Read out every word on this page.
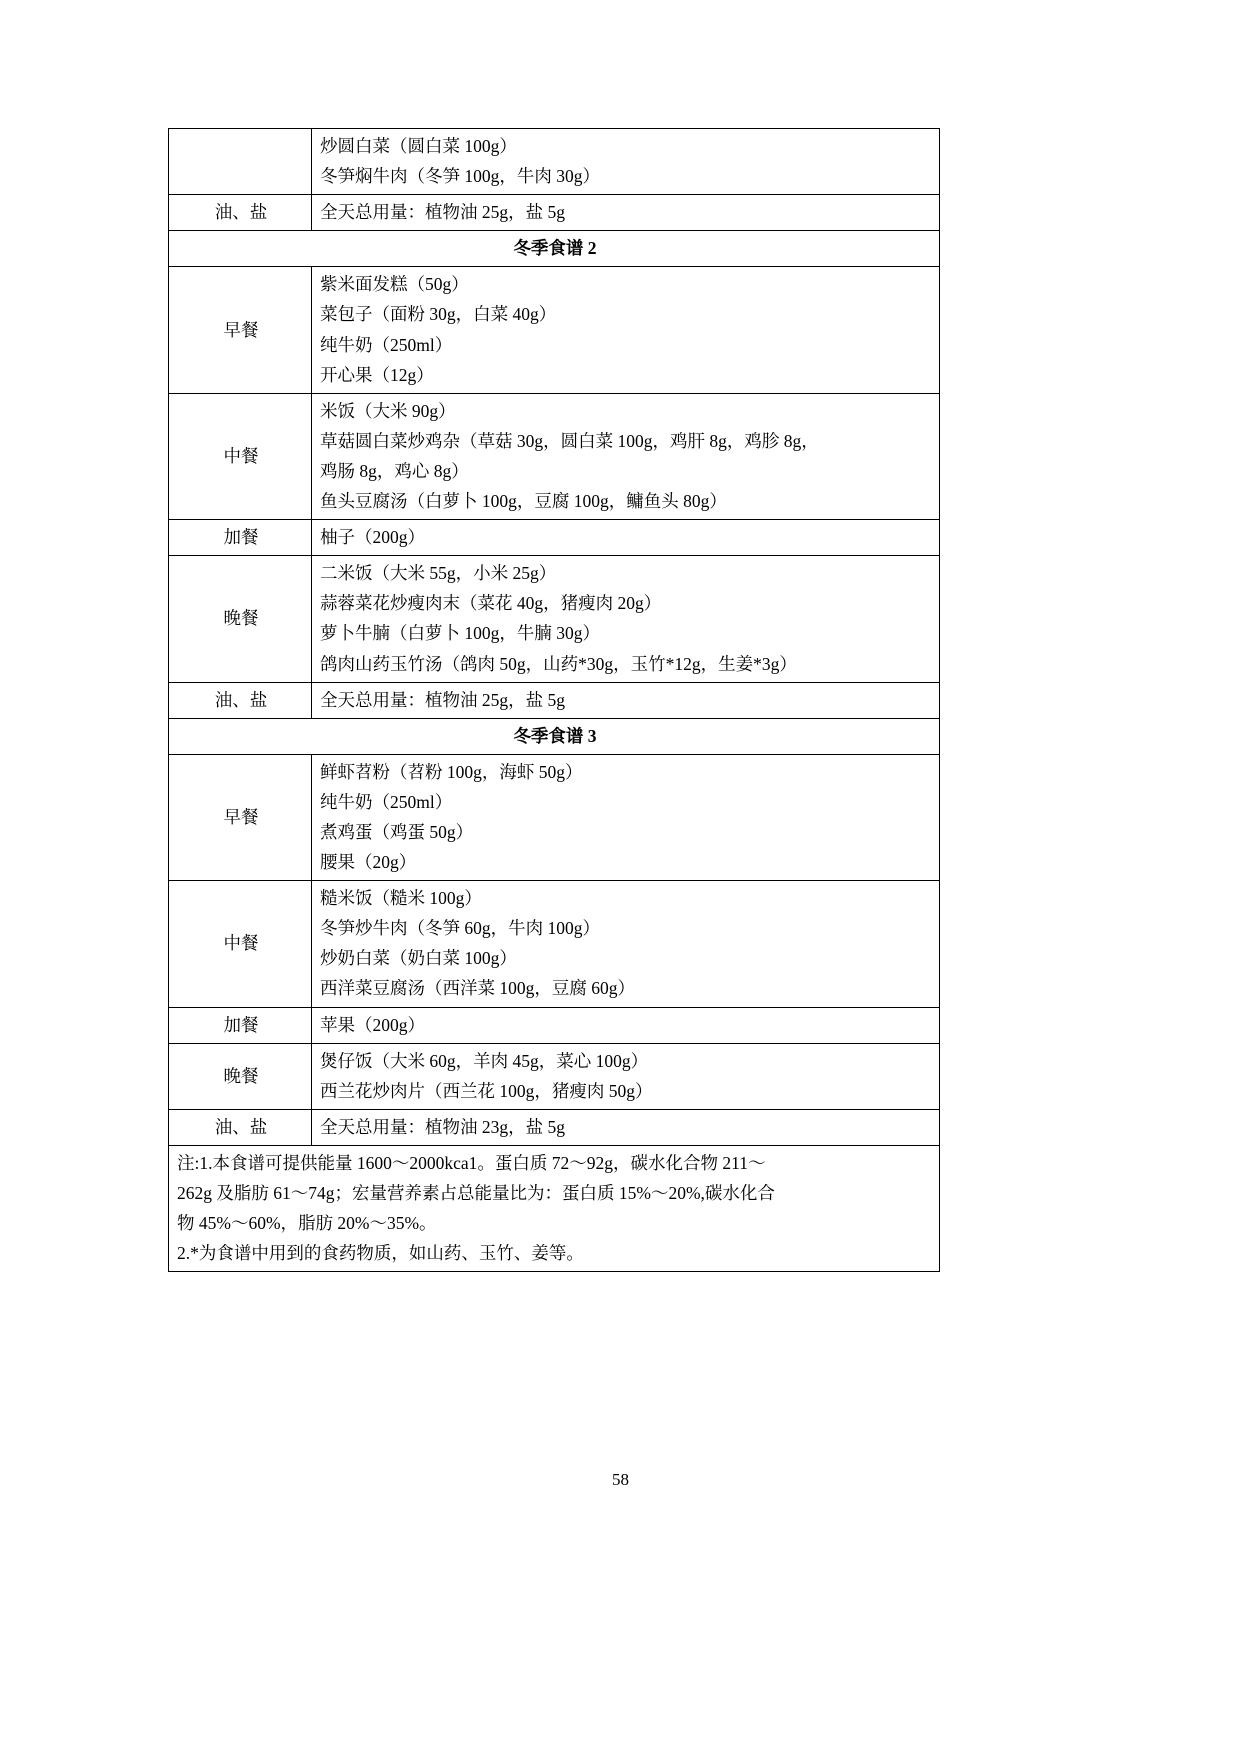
	炒圆白菜（圆白菜 100g）
冬笋焖牛肉（冬笋 100g，牛肉 30g）

油、盐	全天总用量：植物油 25g，盐 5g
冬季食谱 2	
早餐	紫米面发糕（50g）
菜包子（面粉 30g，白菜 40g）
纯牛奶（250ml）
开心果（12g）

中餐	米饭（大米 90g）
草菇圆白菜炒鸡杂（草菇 30g，圆白菜 100g，鸡肝 8g，鸡胗 8g，
鸡肠 8g，鸡心 8g）
鱼头豆腐汤（白萝卜 100g，豆腐 100g，鳙鱼头 80g）

加餐	柚子（200g）

晚餐	二米饭（大米 55g，小米 25g）
蒜蓉菜花炒瘦肉末（菜花 40g，猪瘦肉 20g）
萝卜牛腩（白萝卜 100g，牛腩 30g）
鸽肉山药玉竹汤（鸽肉 50g，山药*30g，玉竹*12g，生姜*3g）

油、盐	全天总用量：植物油 25g，盐 5g
冬季食谱 3	
早餐	鲜虾苕粉（苕粉 100g，海虾 50g）
纯牛奶（250ml）
煮鸡蛋（鸡蛋 50g）
腰果（20g）

中餐	糙米饭（糙米 100g）
冬笋炒牛肉（冬笋 60g，牛肉 100g）
炒奶白菜（奶白菜 100g）
西洋菜豆腐汤（西洋菜 100g，豆腐 60g）

加餐	苹果（200g）

晚餐	煲仔饭（大米 60g，羊肉 45g，菜心 100g）
西兰花炒肉片（西兰花 100g，猪瘦肉 50g）

油、盐	全天总用量：植物油 23g，盐 5g

注:1.本食谱可提供能量 1600～2000kca1。蛋白质 72～92g，碳水化合物 211～
262g 及脂肪 61～74g；宏量营养素占总能量比为：蛋白质 15%～20%,碳水化合
物 45%～60%，脂肪 20%～35%。
2.*为食谱中用到的食药物质，如山药、玉竹、姜等。	
58
